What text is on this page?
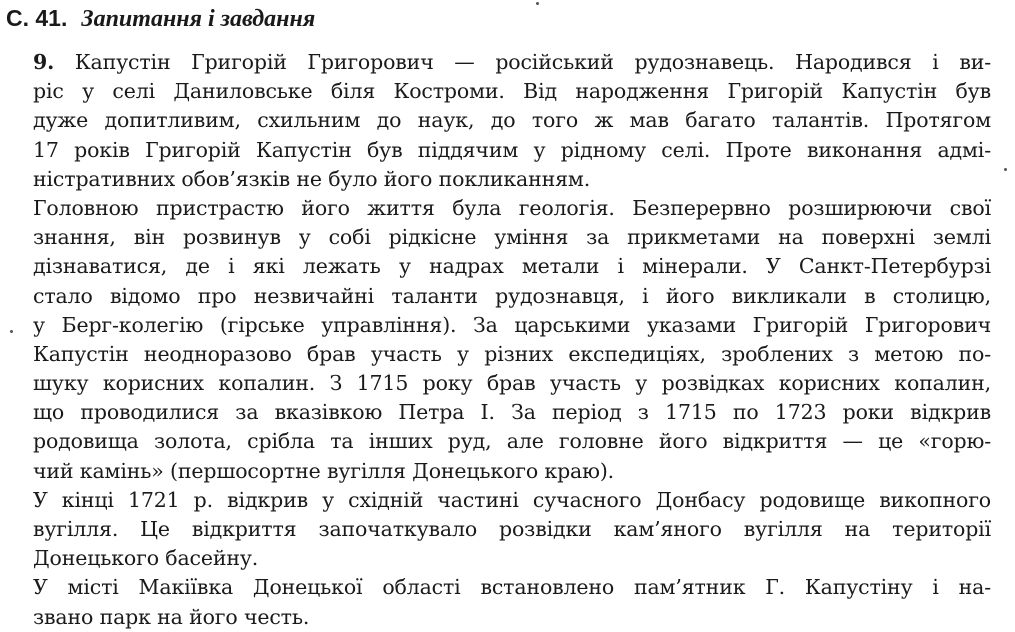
С. 41. Запитання і завдання
9. Капустін Григорій Григорович — російський рудознавець. Народився і ви-
ріс у селі Даниловське біля Костроми. Від народження Григорій Капустін був
дуже допитливим, схильним до наук, до того ж мав багато талантів. Протягом
17 років Григорій Капустін був піддячим у рідному селі. Проте виконання адмі-
ністративних обов’язків не було його покликанням.
Головною пристрастю його життя була геологія. Безперервно розширюючи свої
знання, він розвинув у собі рідкісне уміння за прикметами на поверхні землі
дізнаватися, де і які лежать у надрах метали і мінерали. У Санкт-Петербурзі
стало відомо про незвичайні таланти рудознавця, і його викликали в столицю,
у Берг-колегію (гірське управління). За царськими указами Григорій Григорович
Капустін неодноразово брав участь у різних експедиціях, зроблених з метою по-
шуку корисних копалин. З 1715 року брав участь у розвідках корисних копалин,
що проводилися за вказівкою Петра І. За період з 1715 по 1723 роки відкрив
родовища золота, срібла та інших руд, але головне його відкриття — це «горю-
чий камінь» (першосортне вугілля Донецького краю).
У кінці 1721 р. відкрив у східній частині сучасного Донбасу родовище викопного
вугілля. Це відкриття започаткувало розвідки кам’яного вугілля на території
Донецького басейну.
У місті Макіївка Донецької області встановлено пам’ятник Г. Капустіну і на-
звано парк на його честь.
